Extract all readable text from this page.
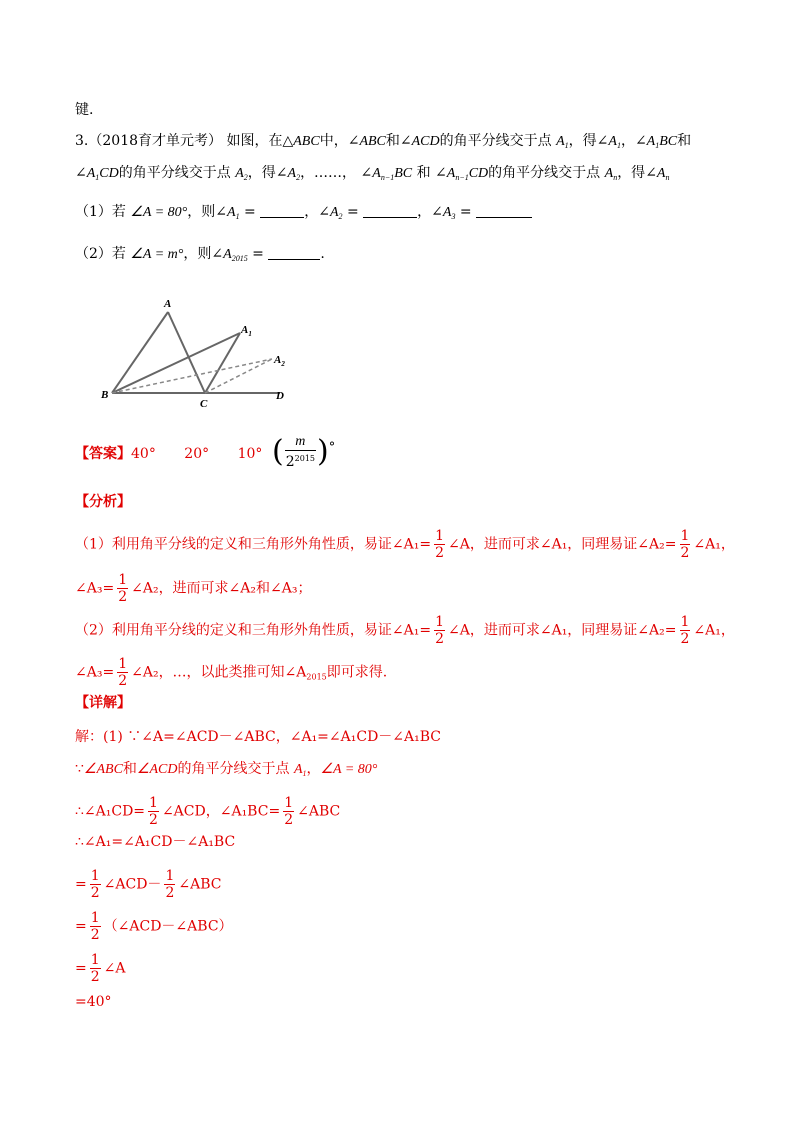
键.
3.（2018育才单元考） 如图，在△ABC中，∠ABC和∠ACD的角平分线交于点 $A_1$，得$\angle A_1$，$\angle A_1BC$和
$\angle A_1CD$的角平分线交于点 $A_2$，得$\angle A_2$，……， $\angle A_{n-1}BC$ 和 $\angle A_{n-1}CD$的角平分线交于点 $A_n$，得$\angle A_n$
（1）若 ∠A = 80°，则$\angle A_1$ =	，$\angle A_2$ =	，$\angle A_3$ =
（2）若 ∠A = m°，则$\angle A_{2015}$ =	.
A
$A_1$
$A_2$
B
C
D
【答案】40° 20° 10° ( $\frac{m}{2^{2015}}$ ) °
【分析】
（1）利用角平分线的定义和三角形外角性质，易证∠A₁= $\frac{1}{2}$ ∠A，进而可求∠A₁，同理易证∠A₂= $\frac{1}{2}$ ∠A₁，
∠A₃= $\frac{1}{2}$ ∠A₂，进而可求∠A₂和∠A₃；
（2）利用角平分线的定义和三角形外角性质，易证∠A₁= $\frac{1}{2}$ ∠A，进而可求∠A₁，同理易证∠A₂= $\frac{1}{2}$ ∠A₁，
∠A₃= $\frac{1}{2}$ ∠A₂，…，以此类推可知$\angle A_{2015}$即可求得.
【详解】
解：(1) ∵∠A=∠ACD－∠ABC，∠A₁=∠A₁CD－∠A₁BC
∵∠ABC和∠ACD的角平分线交于点 $A_1$，∠A = 80°
∴∠A₁CD= $\frac{1}{2}$ ∠ACD，∠A₁BC= $\frac{1}{2}$ ∠ABC
∴∠A₁=∠A₁CD－∠A₁BC
= $\frac{1}{2}$ ∠ACD－ $\frac{1}{2}$ ∠ABC
= $\frac{1}{2}$ （∠ACD－∠ABC）
= $\frac{1}{2}$ ∠A
=40°
